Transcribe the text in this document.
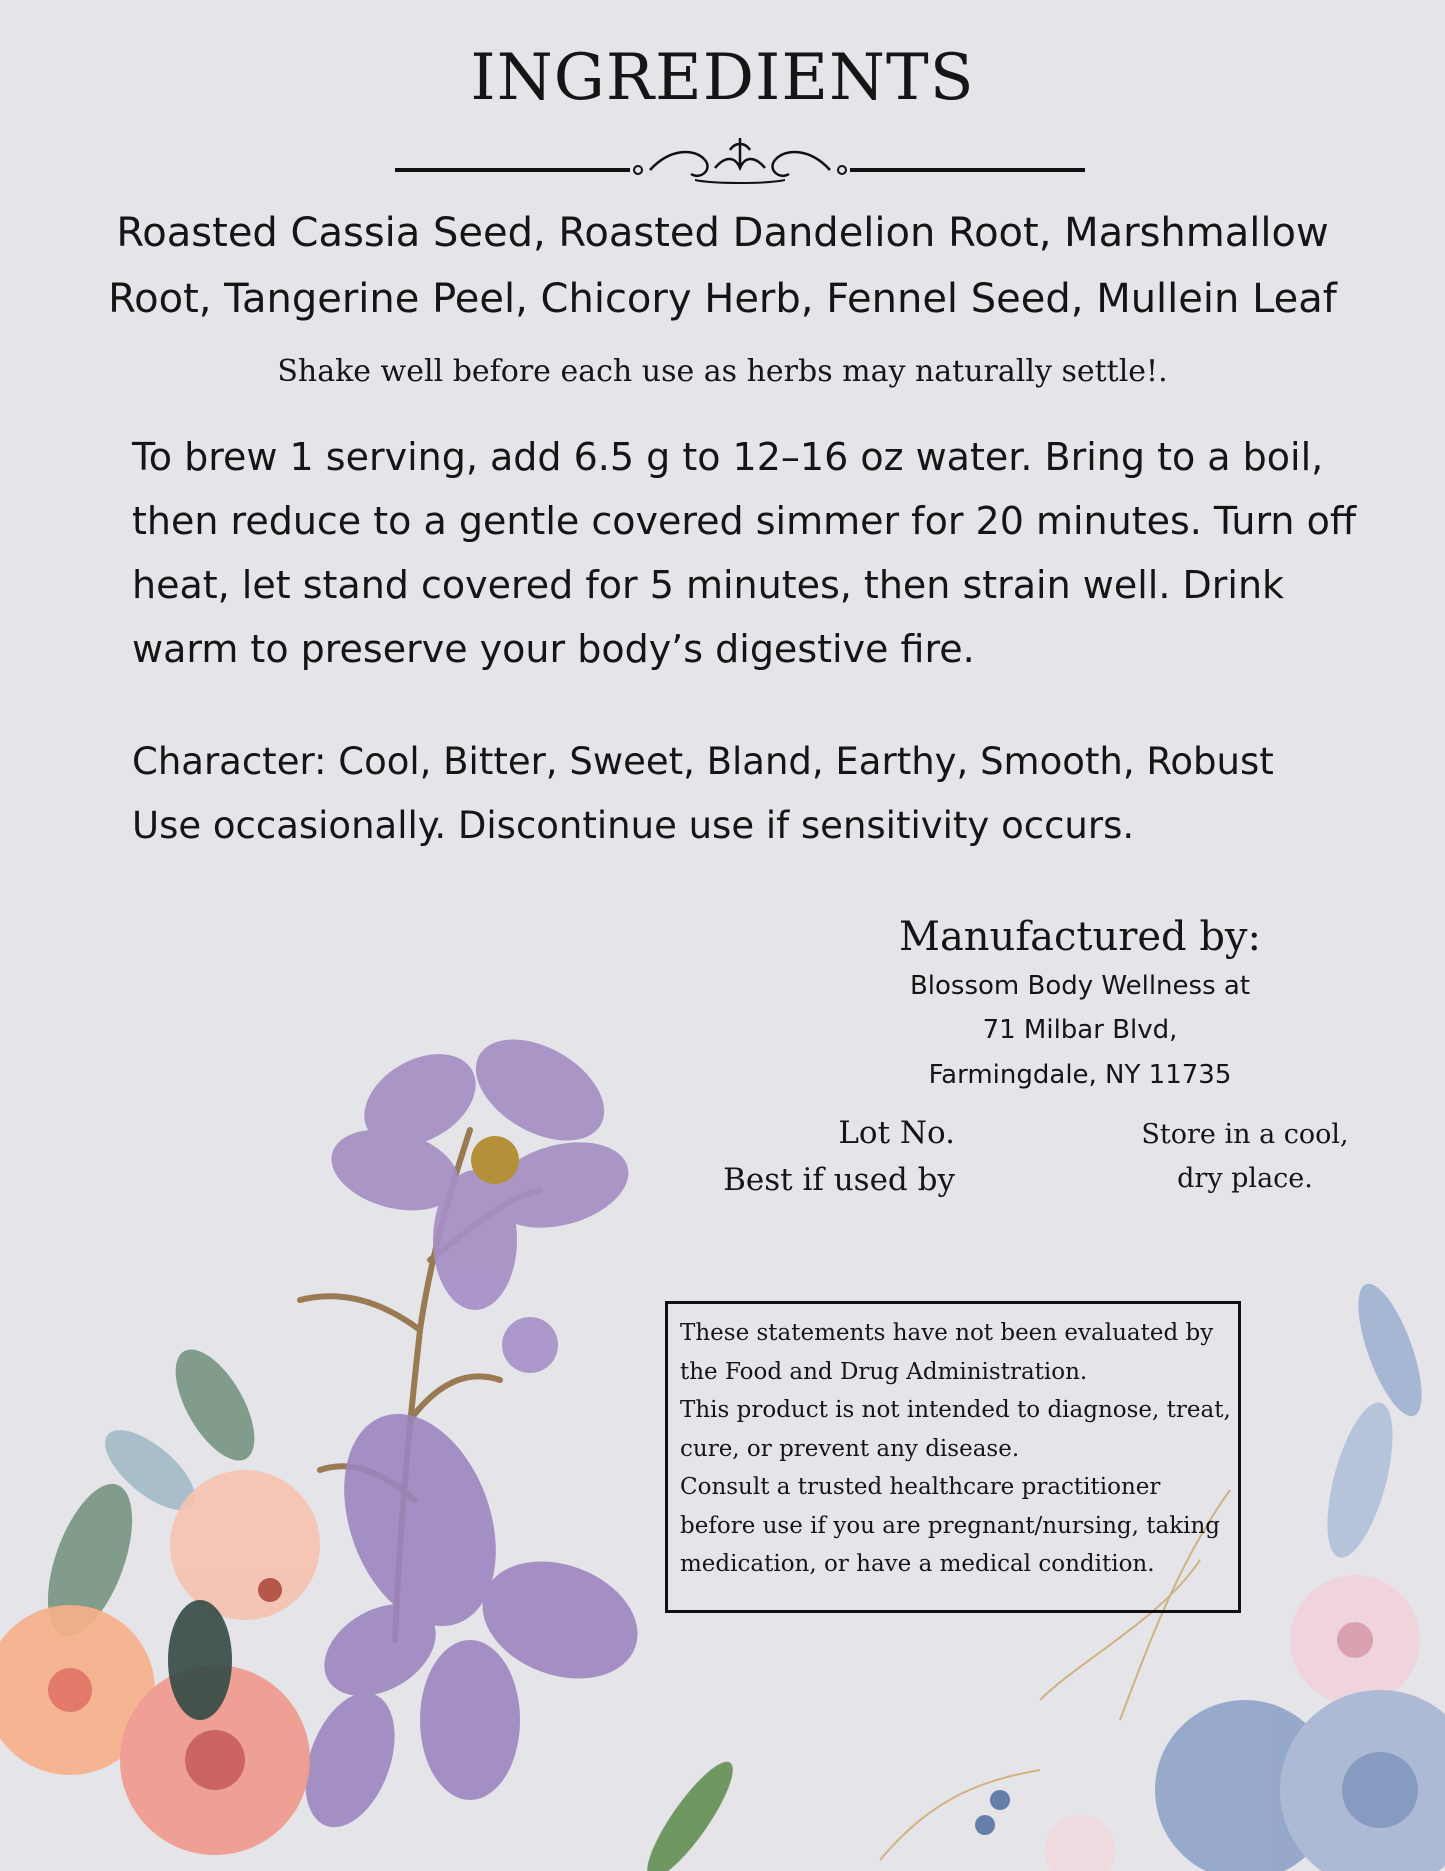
INGREDIENTS
Roasted Cassia Seed, Roasted Dandelion Root, Marshmallow Root, Tangerine Peel, Chicory Herb, Fennel Seed, Mullein Leaf
Shake well before each use as herbs may naturally settle!.
To brew 1 serving, add 6.5 g to 12–16 oz water. Bring to a boil, then reduce to a gentle covered simmer for 20 minutes. Turn off heat, let stand covered for 5 minutes, then strain well. Drink warm to preserve your body’s digestive fire.
Character: Cool, Bitter, Sweet, Bland, Earthy, Smooth, Robust
Use occasionally. Discontinue use if sensitivity occurs.
Manufactured by:
Blossom Body Wellness at
71 Milbar Blvd,
Farmingdale, NY 11735
Lot No.
Best if used by
Store in a cool,
dry place.

These statements have not been evaluated by the Food and Drug Administration.

This product is not intended to diagnose, treat, cure, or prevent any disease.

Consult a trusted healthcare practitioner before use if you are pregnant/nursing, taking medication, or have a medical condition.
